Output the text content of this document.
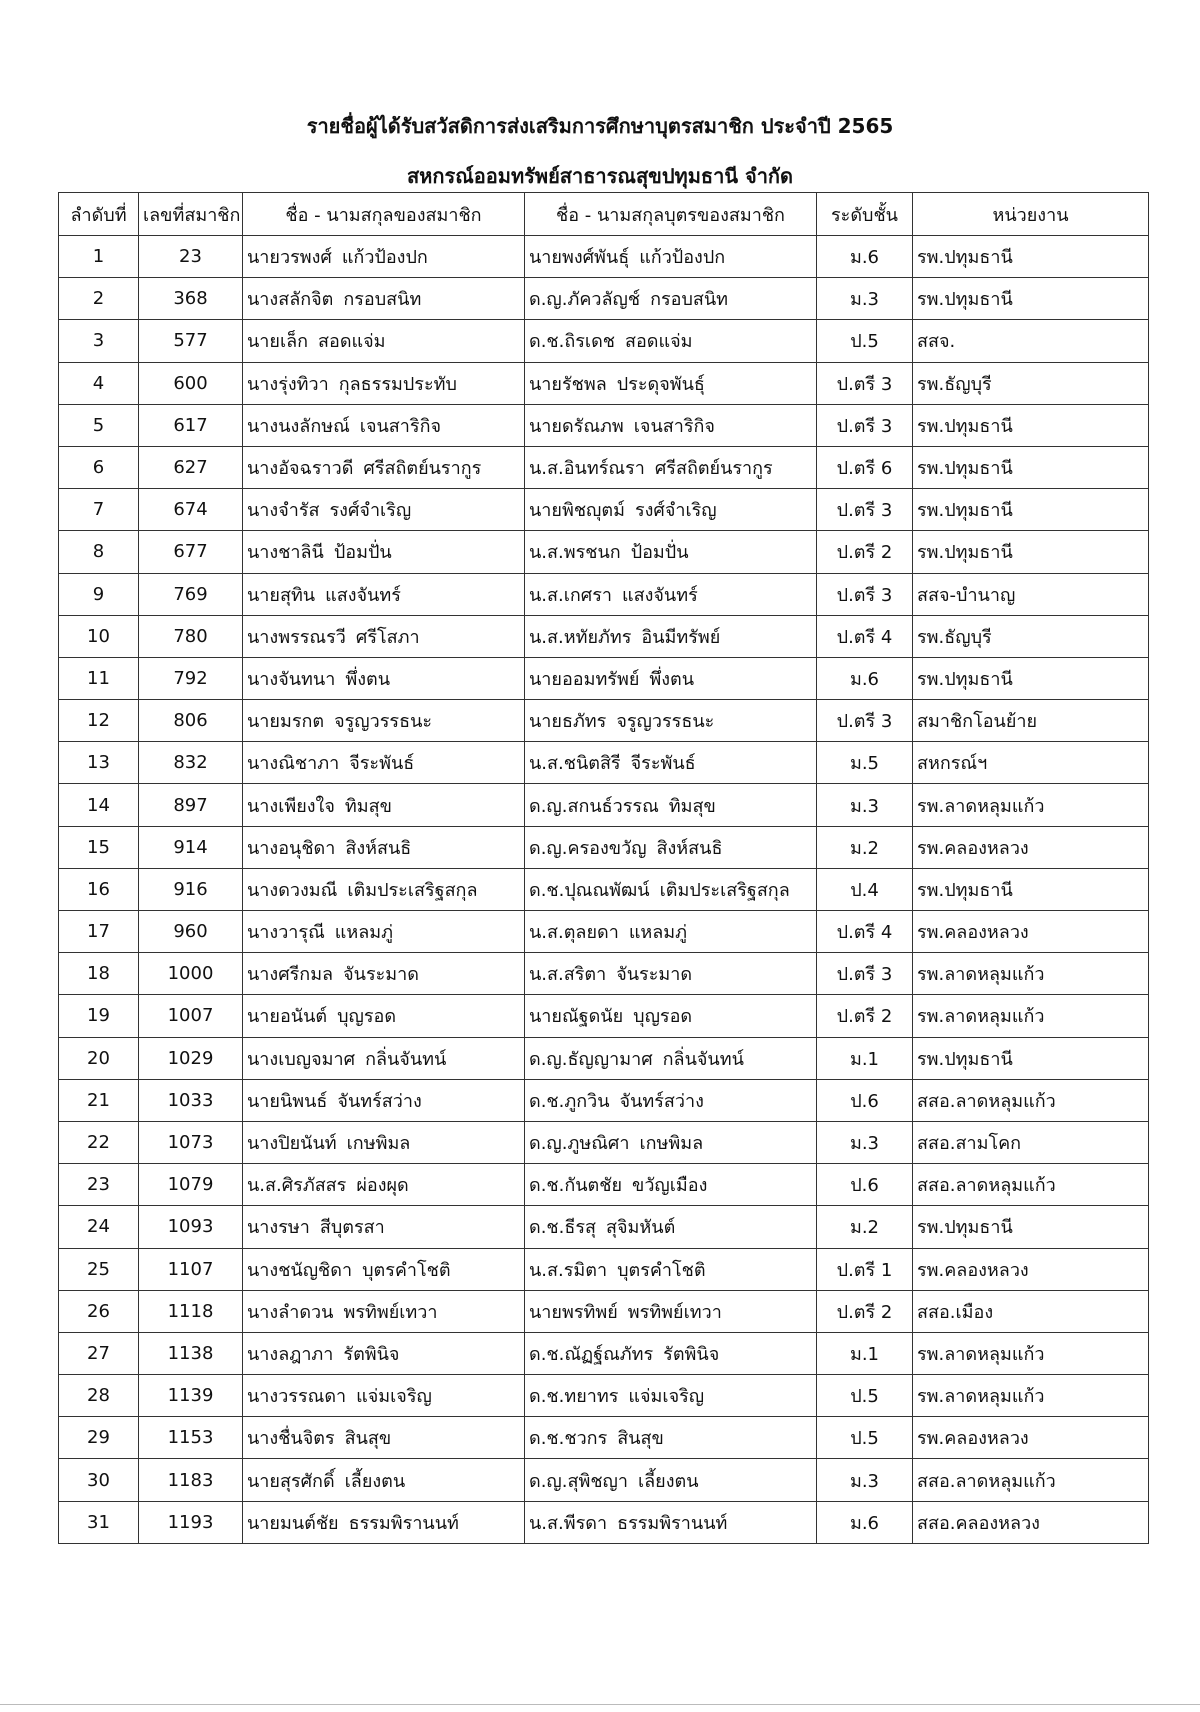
รายชื่อผู้ได้รับสวัสดิการส่งเสริมการศึกษาบุตรสมาชิก ประจำปี 2565
สหกรณ์ออมทรัพย์สาธารณสุขปทุมธานี จำกัด
ลำดับที่	เลขที่สมาชิก	ชื่อ - นามสกุลของสมาชิก	ชื่อ - นามสกุลบุตรของสมาชิก	ระดับชั้น	หน่วยงาน
1	23	นายวรพงศ์ แก้วป้องปก	นายพงศ์พันธุ์ แก้วป้องปก	ม.6	รพ.ปทุมธานี
2	368	นางสลักจิต กรอบสนิท	ด.ญ.ภัควลัญช์ กรอบสนิท	ม.3	รพ.ปทุมธานี
3	577	นายเล็ก สอดแจ่ม	ด.ช.ถิรเดช สอดแจ่ม	ป.5	สสจ.
4	600	นางรุ่งทิวา กุลธรรมประทับ	นายรัชพล ประดุจพันธุ์	ป.ตรี 3	รพ.ธัญบุรี
5	617	นางนงลักษณ์ เจนสาริกิจ	นายดรัณภพ เจนสาริกิจ	ป.ตรี 3	รพ.ปทุมธานี
6	627	นางอัจฉราวดี ศรีสถิตย์นรากูร	น.ส.อินทร์ณรา ศรีสถิตย์นรากูร	ป.ตรี 6	รพ.ปทุมธานี
7	674	นางจำรัส รงศ์จำเริญ	นายพิชญุตม์ รงศ์จำเริญ	ป.ตรี 3	รพ.ปทุมธานี
8	677	นางชาลินี ป้อมปั่น	น.ส.พรชนก ป้อมปั่น	ป.ตรี 2	รพ.ปทุมธานี
9	769	นายสุทิน แสงจันทร์	น.ส.เกศรา แสงจันทร์	ป.ตรี 3	สสจ-บำนาญ
10	780	นางพรรณรวี ศรีโสภา	น.ส.หทัยภัทร อินมีทรัพย์	ป.ตรี 4	รพ.ธัญบุรี
11	792	นางจันทนา พึ่งตน	นายออมทรัพย์ พึ่งตน	ม.6	รพ.ปทุมธานี
12	806	นายมรกต จรูญวรรธนะ	นายธภัทร จรูญวรรธนะ	ป.ตรี 3	สมาชิกโอนย้าย
13	832	นางณิชาภา จีระพันธ์	น.ส.ชนิตสิรี จีระพันธ์	ม.5	สหกรณ์ฯ
14	897	นางเพียงใจ ทิมสุข	ด.ญ.สกนธ์วรรณ ทิมสุข	ม.3	รพ.ลาดหลุมแก้ว
15	914	นางอนุชิดา สิงห์สนธิ	ด.ญ.ครองขวัญ สิงห์สนธิ	ม.2	รพ.คลองหลวง
16	916	นางดวงมณี เติมประเสริฐสกุล	ด.ช.ปุณณพัฒน์ เติมประเสริฐสกุล	ป.4	รพ.ปทุมธานี
17	960	นางวารุณี แหลมภู่	น.ส.ตุลยดา แหลมภู่	ป.ตรี 4	รพ.คลองหลวง
18	1000	นางศรีกมล จันระมาด	น.ส.สริตา จันระมาด	ป.ตรี 3	รพ.ลาดหลุมแก้ว
19	1007	นายอนันต์ บุญรอด	นายณัฐดนัย บุญรอด	ป.ตรี 2	รพ.ลาดหลุมแก้ว
20	1029	นางเบญจมาศ กลิ่นจันทน์	ด.ญ.ธัญญามาศ กลิ่นจันทน์	ม.1	รพ.ปทุมธานี
21	1033	นายนิพนธ์ จันทร์สว่าง	ด.ช.ภูกวิน จันทร์สว่าง	ป.6	สสอ.ลาดหลุมแก้ว
22	1073	นางปิยนันท์ เกษพิมล	ด.ญ.ภูษณิศา เกษพิมล	ม.3	สสอ.สามโคก
23	1079	น.ส.ศิรภัสสร ผ่องผุด	ด.ช.กันตชัย ขวัญเมือง	ป.6	สสอ.ลาดหลุมแก้ว
24	1093	นางรษา สีบุตรสา	ด.ช.ธีรสุ สุจิมหันต์	ม.2	รพ.ปทุมธานี
25	1107	นางชนัญชิดา บุตรคำโชติ	น.ส.รมิตา บุตรคำโชติ	ป.ตรี 1	รพ.คลองหลวง
26	1118	นางลำดวน พรทิพย์เทวา	นายพรทิพย์ พรทิพย์เทวา	ป.ตรี 2	สสอ.เมือง
27	1138	นางลฎาภา รัตพินิจ	ด.ช.ณัฏฐ์ณภัทร รัตพินิจ	ม.1	รพ.ลาดหลุมแก้ว
28	1139	นางวรรณดา แจ่มเจริญ	ด.ช.ทยาทร แจ่มเจริญ	ป.5	รพ.ลาดหลุมแก้ว
29	1153	นางชื่นจิตร สินสุข	ด.ช.ชวกร สินสุข	ป.5	รพ.คลองหลวง
30	1183	นายสุรศักดิ์ เลี้ยงตน	ด.ญ.สุพิชญา เลี้ยงตน	ม.3	สสอ.ลาดหลุมแก้ว
31	1193	นายมนต์ชัย ธรรมพิรานนท์	น.ส.พีรดา ธรรมพิรานนท์	ม.6	สสอ.คลองหลวง
